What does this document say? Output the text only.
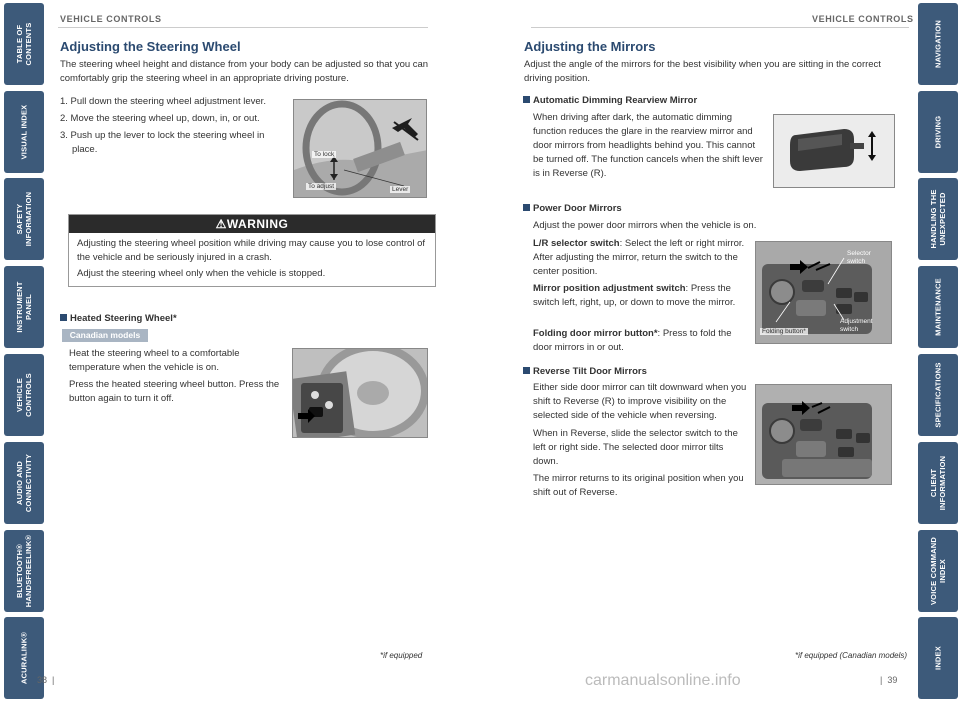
TABLE OF
CONTENTS
VISUAL INDEX
SAFETY
INFORMATION
INSTRUMENT
PANEL
VEHICLE
CONTROLS
AUDIO AND
CONNECTIVITY
BLUETOOTH®
HANDSFREELINK®
ACURALINK®
NAVIGATION
DRIVING
HANDLING THE
UNEXPECTED
MAINTENANCE
SPECIFICATIONS
CLIENT
INFORMATION
VOICE COMMAND
INDEX
INDEX
VEHICLE CONTROLS
Adjusting the Steering Wheel
The steering wheel height and distance from your body can be adjusted so that you can comfortably grip the steering wheel in an appropriate driving posture.
1. Pull down the steering wheel adjustment lever.
2. Move the steering wheel up, down, in, or out.
3. Push up the lever to lock the steering wheel in place.	To lock
To adjust	Lever
⚠WARNING
Adjusting the steering wheel position while driving may cause you to lose control of the vehicle and be seriously injured in a crash.
Adjust the steering wheel only when the vehicle is stopped.
Heated Steering Wheel*
Canadian models
Heat the steering wheel to a comfortable temperature when the vehicle is on.
Press the heated steering wheel button. Press the button again to turn it off.
*if equipped
38  |
VEHICLE CONTROLS
Adjusting the Mirrors
Adjust the angle of the mirrors for the best visibility when you are sitting in the correct driving position.
Automatic Dimming Rearview Mirror
When driving after dark, the automatic dimming function reduces the glare in the rearview mirror and door mirrors from headlights behind you. This cannot be turned off. The function cancels when the shift lever is in Reverse (R).
Power Door Mirrors
Adjust the power door mirrors when the vehicle is on.
L/R selector switch: Select the left or right mirror. After adjusting the mirror, return the switch to the center position.
Mirror position adjustment switch: Press the switch left, right, up, or down to move the mirror.
Folding door mirror button*: Press to fold the door mirrors in or out.
Selector switch
Adjustment switch
Folding button*
Reverse Tilt Door Mirrors
Either side door mirror can tilt downward when you shift to Reverse (R) to improve visibility on the selected side of the vehicle when reversing.
When in Reverse, slide the selector switch to the left or right side. The selected door mirror tilts down.
The mirror returns to its original position when you shift out of Reverse.
*if equipped (Canadian models)
|  39
carmanualsonline.info
